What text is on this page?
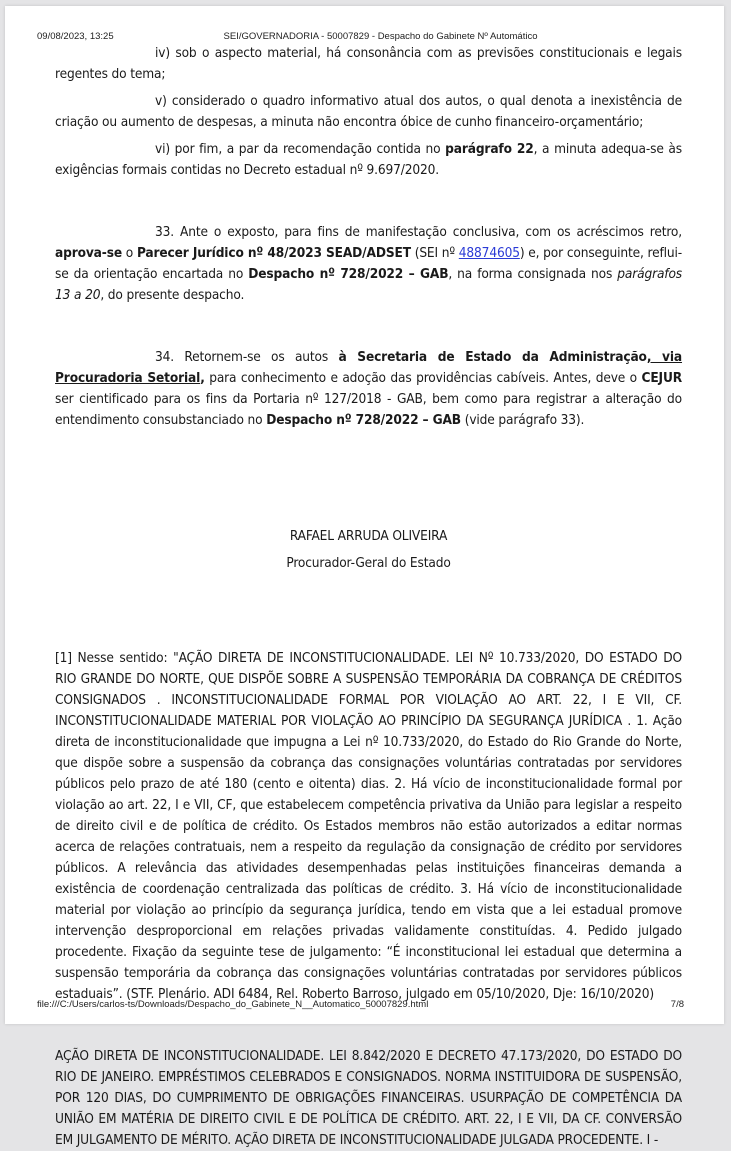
09/08/2023, 13:25	SEI/GOVERNADORIA - 50007829 - Despacho do Gabinete Nº Automático

iv) sob o aspecto material, há consonância com as previsões constitucionais e legais regentes do tema;

v) considerado o quadro informativo atual dos autos, o qual denota a inexistência de criação ou aumento de despesas, a minuta não encontra óbice de cunho financeiro-orçamentário;

vi) por fim, a par da recomendação contida no parágrafo 22, a minuta adequa-se às exigências formais contidas no Decreto estadual nº 9.697/2020.

33. Ante o exposto, para fins de manifestação conclusiva, com os acréscimos retro, aprova-se o Parecer Jurídico nº 48/2023 SEAD/ADSET (SEI nº 48874605) e, por conseguinte, reflui-se da orientação encartada no Despacho nº 728/2022 – GAB, na forma consignada nos parágrafos 13 a 20, do presente despacho.

34. Retornem-se os autos à Secretaria de Estado da Administração, via Procuradoria Setorial, para conhecimento e adoção das providências cabíveis. Antes, deve o CEJUR ser cientificado para os fins da Portaria nº 127/2018 - GAB, bem como para registrar a alteração do entendimento consubstanciado no Despacho nº 728/2022 – GAB (vide parágrafo 33).

RAFAEL ARRUDA OLIVEIRA

Procurador-Geral do Estado

[1] Nesse sentido: "AÇÃO DIRETA DE INCONSTITUCIONALIDADE. LEI Nº 10.733/2020, DO ESTADO DO RIO GRANDE DO NORTE, QUE DISPÕE SOBRE A SUSPENSÃO TEMPORÁRIA DA COBRANÇA DE CRÉDITOS CONSIGNADOS . INCONSTITUCIONALIDADE FORMAL POR VIOLAÇÃO AO ART. 22, I E VII, CF. INCONSTITUCIONALIDADE MATERIAL POR VIOLAÇÃO AO PRINCÍPIO DA SEGURANÇA JURÍDICA . 1. Ação direta de inconstitucionalidade que impugna a Lei nº 10.733/2020, do Estado do Rio Grande do Norte, que dispõe sobre a suspensão da cobrança das consignações voluntárias contratadas por servidores públicos pelo prazo de até 180 (cento e oitenta) dias. 2. Há vício de inconstitucionalidade formal por violação ao art. 22, I e VII, CF, que estabelecem competência privativa da União para legislar a respeito de direito civil e de política de crédito. Os Estados membros não estão autorizados a editar normas acerca de relações contratuais, nem a respeito da regulação da consignação de crédito por servidores públicos. A relevância das atividades desempenhadas pelas instituições financeiras demanda a existência de coordenação centralizada das políticas de crédito. 3. Há vício de inconstitucionalidade material por violação ao princípio da segurança jurídica, tendo em vista que a lei estadual promove intervenção desproporcional em relações privadas validamente constituídas. 4. Pedido julgado procedente. Fixação da seguinte tese de julgamento: “É inconstitucional lei estadual que determina a suspensão temporária da cobrança das consignações voluntárias contratadas por servidores públicos estaduais”. (STF. Plenário. ADI 6484, Rel. Roberto Barroso, julgado em 05/10/2020, Dje: 16/10/2020)

AÇÃO DIRETA DE INCONSTITUCIONALIDADE. LEI 8.842/2020 E DECRETO 47.173/2020, DO ESTADO DO RIO DE JANEIRO. EMPRÉSTIMOS CELEBRADOS E CONSIGNADOS. NORMA INSTITUIDORA DE SUSPENSÃO, POR 120 DIAS, DO CUMPRIMENTO DE OBRIGAÇÕES FINANCEIRAS. USURPAÇÃO DE COMPETÊNCIA DA UNIÃO EM MATÉRIA DE DIREITO CIVIL E DE POLÍTICA DE CRÉDITO. ART. 22, I E VII, DA CF. CONVERSÃO EM JULGAMENTO DE MÉRITO. AÇÃO DIRETA DE INCONSTITUCIONALIDADE JULGADA PROCEDENTE. I -

file:///C:/Users/carlos-ts/Downloads/Despacho_do_Gabinete_N__Automatico_50007829.html	7/8
